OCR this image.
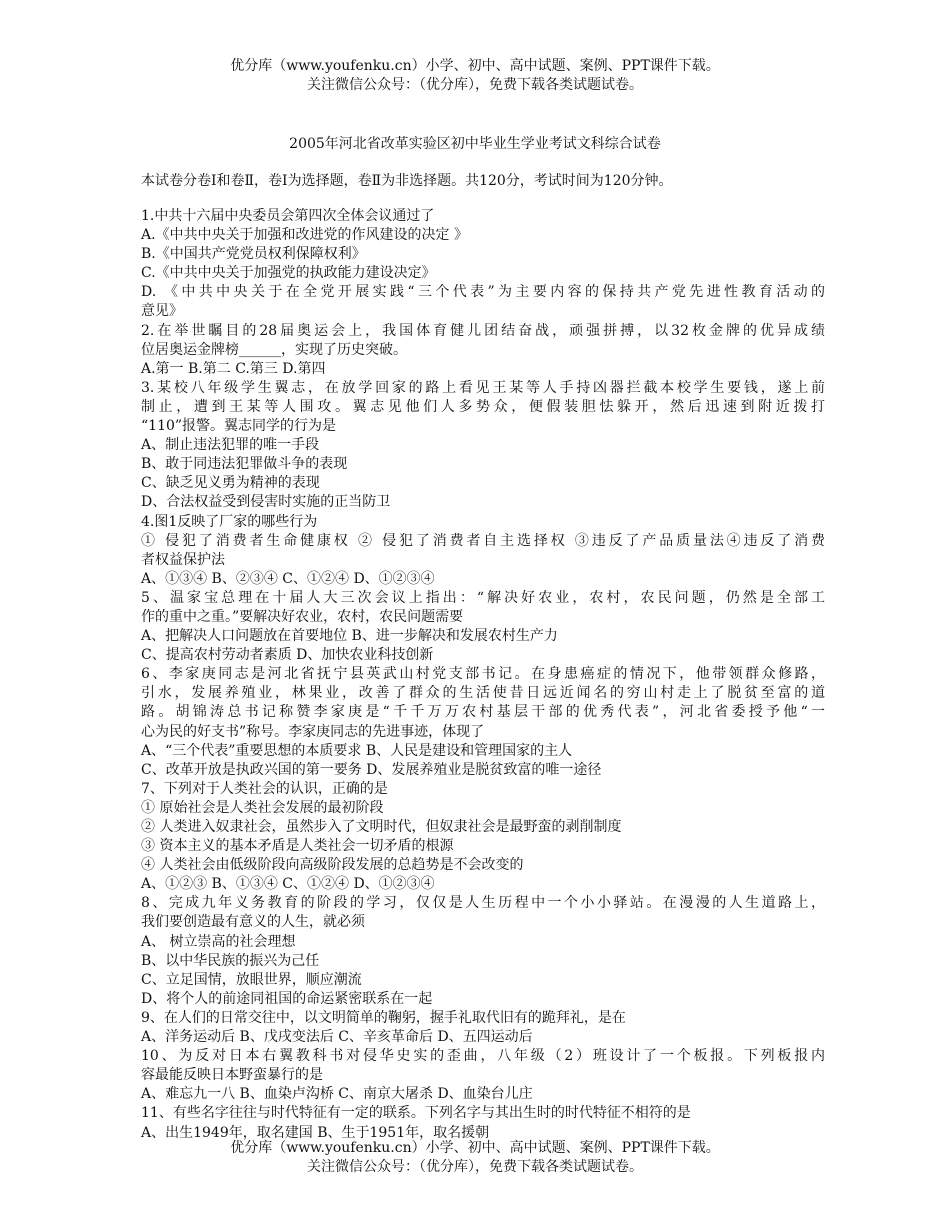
优分库（www.youfenku.cn）小学、初中、高中试题、案例、PPT课件下载。
关注微信公众号：（优分库），免费下载各类试题试卷。
2005年河北省改革实验区初中毕业生学业考试文科综合试卷
本试卷分卷Ⅰ和卷Ⅱ，卷Ⅰ为选择题，卷Ⅱ为非选择题。共120分，考试时间为120分钟。
1.中共十六届中央委员会第四次全体会议通过了
A.《中共中央关于加强和改进党的作风建设的决定 》
B.《中国共产党党员权利保障权利》
C.《中共中央关于加强党的执政能力建设决定》
D. 《中共中央关于在全党开展实践“三个代表”为主要内容的保持共产党先进性教育活动的
意见》
2.在举世瞩目的28届奥运会上，我国体育健儿团结奋战，顽强拼搏，以32枚金牌的优异成绩
位居奥运金牌榜______，实现了历史突破。
A.第一 B.第二 C.第三 D.第四
3.某校八年级学生翼志，在放学回家的路上看见王某等人手持凶器拦截本校学生要钱，遂上前
制止，遭到王某等人围攻。翼志见他们人多势众，便假装胆怯躲开，然后迅速到附近拨打
“110”报警。翼志同学的行为是
A、制止违法犯罪的唯一手段
B、敢于同违法犯罪做斗争的表现
C、缺乏见义勇为精神的表现
D、合法权益受到侵害时实施的正当防卫
4.图1反映了厂家的哪些行为
① 侵犯了消费者生命健康权 ② 侵犯了消费者自主选择权 ③违反了产品质量法④违反了消费
者权益保护法
A、①③④ B、②③④ C、①②④ D、①②③④
5、温家宝总理在十届人大三次会议上指出：“解决好农业，农村，农民问题，仍然是全部工
作的重中之重。”要解决好农业，农村，农民问题需要
A、把解决人口问题放在首要地位 B、进一步解决和发展农村生产力
C、提高农村劳动者素质 D、加快农业科技创新
6、李家庚同志是河北省抚宁县英武山村党支部书记。在身患癌症的情况下，他带领群众修路，
引水，发展养殖业，林果业，改善了群众的生活使昔日远近闻名的穷山村走上了脱贫至富的道
路。胡锦涛总书记称赞李家庚是“千千万万农村基层干部的优秀代表”，河北省委授予他“一
心为民的好支书”称号。李家庚同志的先进事迹，体现了
A、“三个代表”重要思想的本质要求 B、人民是建设和管理国家的主人
C、改革开放是执政兴国的第一要务 D、发展养殖业是脱贫致富的唯一途径
7、下列对于人类社会的认识，正确的是
① 原始社会是人类社会发展的最初阶段
② 人类进入奴隶社会，虽然步入了文明时代，但奴隶社会是最野蛮的剥削制度
③ 资本主义的基本矛盾是人类社会一切矛盾的根源
④ 人类社会由低级阶段向高级阶段发展的总趋势是不会改变的
A、①②③ B、①③④ C、①②④ D、①②③④
8、完成九年义务教育的阶段的学习，仅仅是人生历程中一个小小驿站。在漫漫的人生道路上，
我们要创造最有意义的人生，就必须
A、 树立崇高的社会理想
B、以中华民族的振兴为己任
C、立足国情，放眼世界，顺应潮流
D、将个人的前途同祖国的命运紧密联系在一起
9、在人们的日常交往中，以文明简单的鞠躬，握手礼取代旧有的跪拜礼，是在
A、洋务运动后 B、戊戌变法后 C、辛亥革命后 D、五四运动后
10、为反对日本右翼教科书对侵华史实的歪曲，八年级（2）班设计了一个板报。下列板报内
容最能反映日本野蛮暴行的是
A、难忘九一八 B、血染卢沟桥 C、南京大屠杀 D、血染台儿庄
11、有些名字往往与时代特征有一定的联系。下列名字与其出生时的时代特征不相符的是
A、出生1949年，取名建国 B、生于1951年，取名援朝
优分库（www.youfenku.cn）小学、初中、高中试题、案例、PPT课件下载。
关注微信公众号：（优分库），免费下载各类试题试卷。
